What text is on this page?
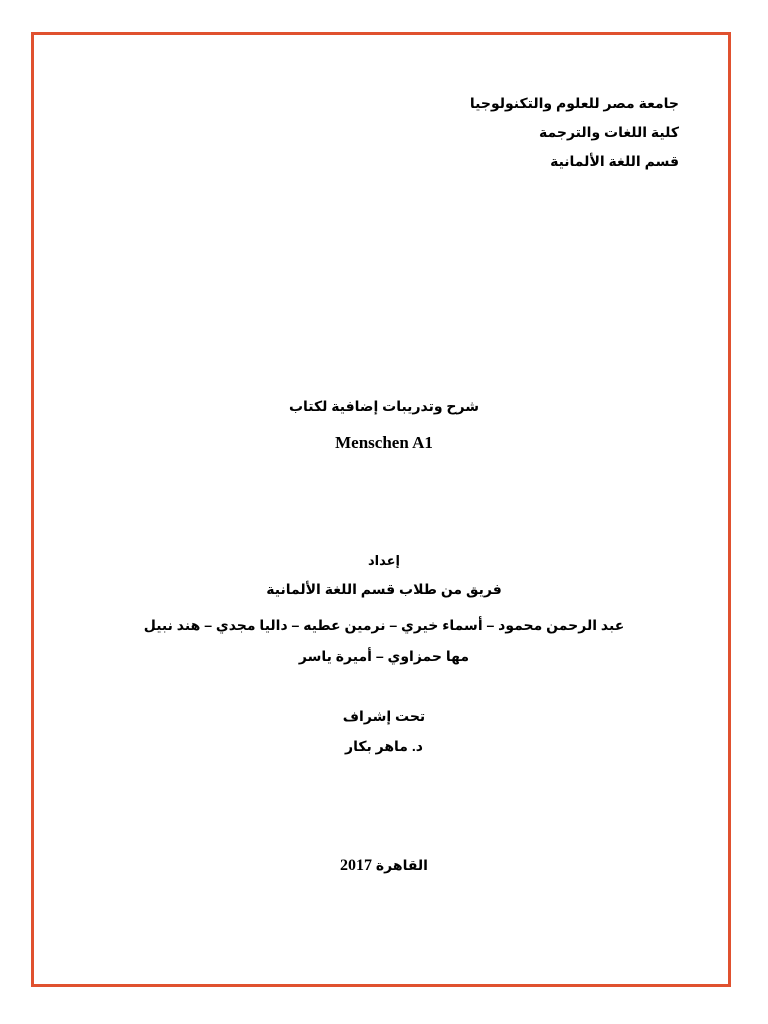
جامعة مصر للعلوم والتكنولوجيا
كلية اللغات والترجمة
قسم اللغة الألمانية
شرح وتدريبات إضافية لكتاب
Menschen A1
إعداد
فريق من طلاب قسم اللغة الألمانية
عبد الرحمن محمود – أسماء خيري – نرمين عطيه – داليا مجدي – هند نبيل
مها حمزاوي – أميرة ياسر
تحت إشراف
د. ماهر بكار
القاهرة 2017
